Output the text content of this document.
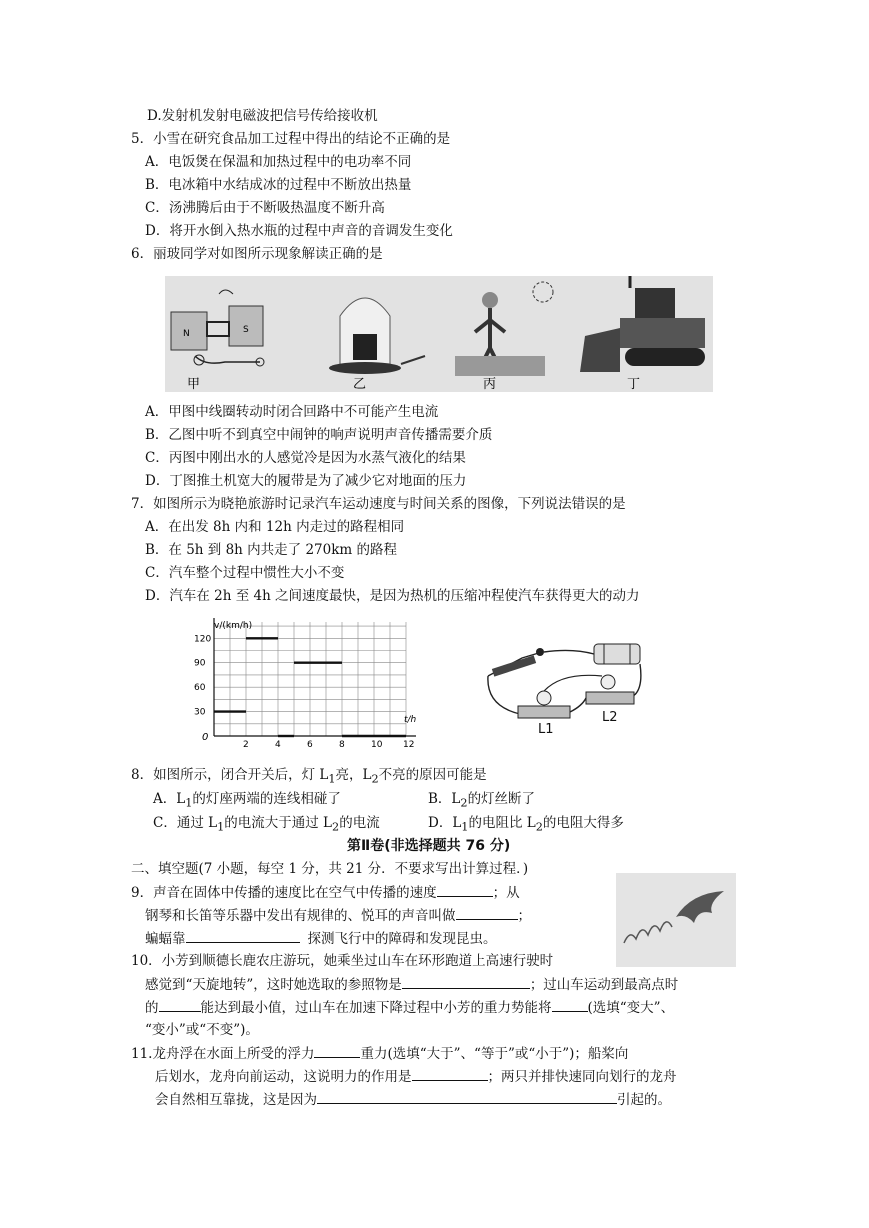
D.发射机发射电磁波把信号传给接收机
5．小雪在研究食品加工过程中得出的结论不正确的是
A．电饭煲在保温和加热过程中的电功率不同
B．电冰箱中水结成冰的过程中不断放出热量
C．汤沸腾后由于不断吸热温度不断升高
D．将开水倒入热水瓶的过程中声音的音调发生变化
6．丽玻同学对如图所示现象解读正确的是
N	S
甲	乙	丙	丁
A．甲图中线圈转动时闭合回路中不可能产生电流
B．乙图中听不到真空中闹钟的响声说明声音传播需要介质
C．丙图中刚出水的人感觉冷是因为水蒸气液化的结果
D．丁图推土机宽大的履带是为了减少它对地面的压力
7．如图所示为晓艳旅游时记录汽车运动速度与时间关系的图像，下列说法错误的是
A．在出发 8h 内和 12h 内走过的路程相同
B．在 5h 到 8h 内共走了 270km 的路程
C．汽车整个过程中惯性大小不变
D．汽车在 2h 至 4h 之间速度最快，是因为热机的压缩冲程使汽车获得更大的动力
2	4	6	8	10 12
30
60
90
120
v/(km/h)
t/h
0
L1
L2
8．如图所示，闭合开关后，灯 $L_1$亮，$L_2$不亮的原因可能是
A．$L_1$的灯座两端的连线相碰了	B．$L_2$的灯丝断了
C．通过 $L_1$的电流大于通过 $L_2$的电流	D．$L_1$的电阻比 $L_2$的电阻大得多
第Ⅱ卷(非选择题共 76 分)
二、填空题(7 小题，每空 1 分，共 21 分．不要求写出计算过程．)
9．声音在固体中传播的速度比在空气中传播的速度	；从
钢琴和长笛等乐器中发出有规律的、悦耳的声音叫做	；
蝙蝠靠	探测飞行中的障碍和发现昆虫。
10．小芳到顺德长鹿农庄游玩，她乘坐过山车在环形跑道上高速行驶时
感觉到“天旋地转”，这时她选取的参照物是	；过山车运动到最高点时
的	能达到最小值，过山车在加速下降过程中小芳的重力势能将	(选填“变大”、
“变小”或“不变”)。
11.龙舟浮在水面上所受的浮力	重力(选填“大于”、“等于”或“小于”)；船桨向
后划水，龙舟向前运动，这说明力的作用是	；两只并排快速同向划行的龙舟
会自然相互靠拢，这是因为	引起的。
